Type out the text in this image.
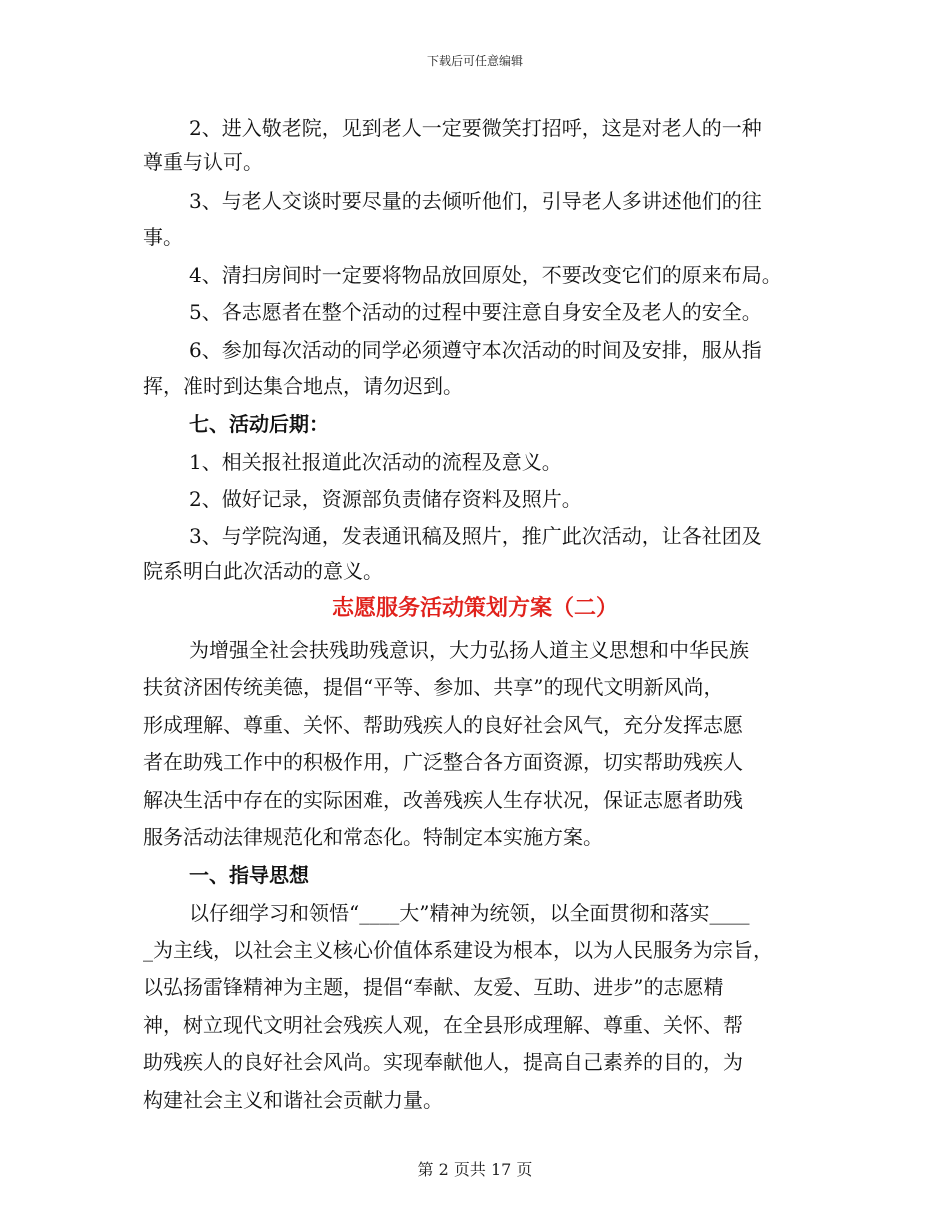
下载后可任意编辑
2、进入敬老院，见到老人一定要微笑打招呼，这是对老人的一种
尊重与认可。
3、与老人交谈时要尽量的去倾听他们，引导老人多讲述他们的往
事。
4、清扫房间时一定要将物品放回原处，不要改变它们的原来布局。
5、各志愿者在整个活动的过程中要注意自身安全及老人的安全。
6、参加每次活动的同学必须遵守本次活动的时间及安排，服从指
挥，准时到达集合地点，请勿迟到。
七、活动后期：
1、相关报社报道此次活动的流程及意义。
2、做好记录，资源部负责储存资料及照片。
3、与学院沟通，发表通讯稿及照片，推广此次活动，让各社团及
院系明白此次活动的意义。
志愿服务活动策划方案（二）
为增强全社会扶残助残意识，大力弘扬人道主义思想和中华民族
扶贫济困传统美德，提倡“平等、参加、共享”的现代文明新风尚，
形成理解、尊重、关怀、帮助残疾人的良好社会风气，充分发挥志愿
者在助残工作中的积极作用，广泛整合各方面资源，切实帮助残疾人
解决生活中存在的实际困难，改善残疾人生存状况，保证志愿者助残
服务活动法律规范化和常态化。特制定本实施方案。
一、指导思想
以仔细学习和领悟“____大”精神为统领，以全面贯彻和落实____
_为主线，以社会主义核心价值体系建设为根本，以为人民服务为宗旨，
以弘扬雷锋精神为主题，提倡“奉献、友爱、互助、进步”的志愿精
神，树立现代文明社会残疾人观，在全县形成理解、尊重、关怀、帮
助残疾人的良好社会风尚。实现奉献他人，提高自己素养的目的，为
构建社会主义和谐社会贡献力量。
第 2 页共 17 页
